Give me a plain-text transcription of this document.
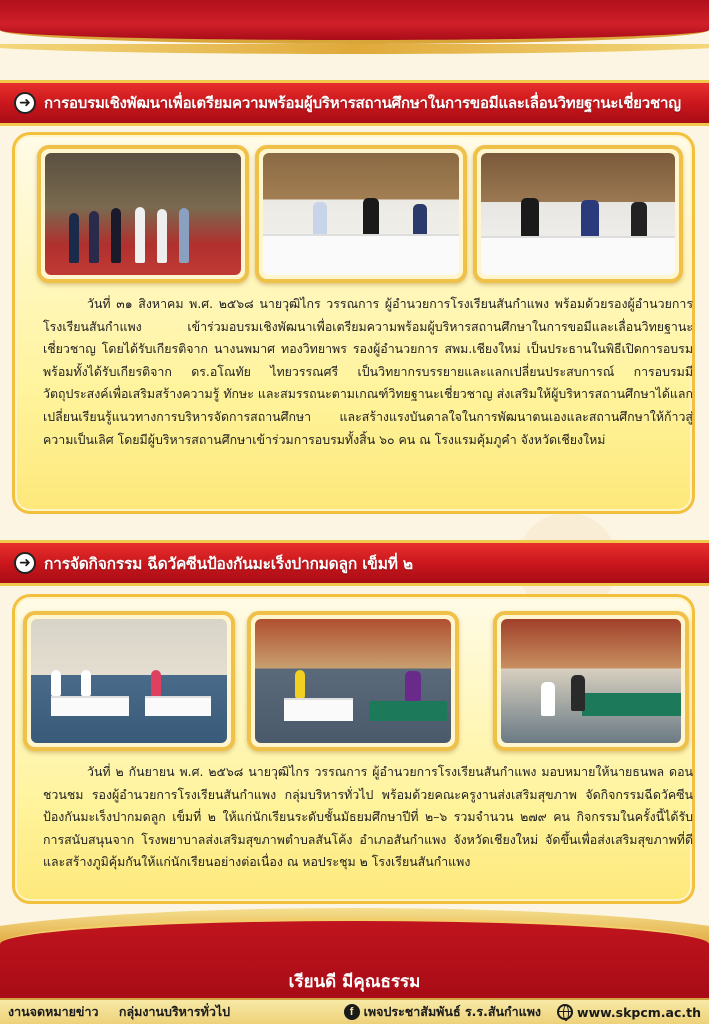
➜ การอบรมเชิงพัฒนาเพื่อเตรียมความพร้อมผู้บริหารสถานศึกษาในการขอมีและเลื่อนวิทยฐานะเชี่ยวชาญ

วันที่ ๓๑ สิงหาคม พ.ศ. ๒๕๖๘ นายวุฒิไกร วรรณการ ผู้อำนวยการโรงเรียนสันกำแพง พร้อมด้วยรองผู้อำนวยการโรงเรียนสันกำแพง เข้าร่วมอบรมเชิงพัฒนาเพื่อเตรียมความพร้อมผู้บริหารสถานศึกษาในการขอมีและเลื่อนวิทยฐานะเชี่ยวชาญ โดยได้รับเกียรติจาก นางนพมาศ ทองวิทยาพร รองผู้อำนวยการ สพม.เชียงใหม่ เป็นประธานในพิธีเปิดการอบรม พร้อมทั้งได้รับเกียรติจาก ดร.อโณทัย ไทยวรรณศรี เป็นวิทยากรบรรยายและแลกเปลี่ยนประสบการณ์ การอบรมมีวัตถุประสงค์เพื่อเสริมสร้างความรู้ ทักษะ และสมรรถนะตามเกณฑ์วิทยฐานะเชี่ยวชาญ ส่งเสริมให้ผู้บริหารสถานศึกษาได้แลกเปลี่ยนเรียนรู้แนวทางการบริหารจัดการสถานศึกษา และสร้างแรงบันดาลใจในการพัฒนาตนเองและสถานศึกษาให้ก้าวสู่ความเป็นเลิศ โดยมีผู้บริหารสถานศึกษาเข้าร่วมการอบรมทั้งสิ้น ๖๐ คน ณ โรงแรมคุ้มภูคำ จังหวัดเชียงใหม่

➜ การจัดกิจกรรม ฉีดวัคซีนป้องกันมะเร็งปากมดลูก เข็มที่ ๒

วันที่ ๒ กันยายน พ.ศ. ๒๕๖๘ นายวุฒิไกร วรรณการ ผู้อำนวยการโรงเรียนสันกำแพง มอบหมายให้นายธนพล ดอนชวนชม รองผู้อำนวยการโรงเรียนสันกำแพง กลุ่มบริหารทั่วไป พร้อมด้วยคณะครูงานส่งเสริมสุขภาพ จัดกิจกรรมฉีดวัคซีนป้องกันมะเร็งปากมดลูก เข็มที่ ๒ ให้แก่นักเรียนระดับชั้นมัธยมศึกษาปีที่ ๒–๖ รวมจำนวน ๒๗๙ คน กิจกรรมในครั้งนี้ได้รับการสนับสนุนจาก โรงพยาบาลส่งเสริมสุขภาพตำบลสันโค้ง อำเภอสันกำแพง จังหวัดเชียงใหม่ จัดขึ้นเพื่อส่งเสริมสุขภาพที่ดีและสร้างภูมิคุ้มกันให้แก่นักเรียนอย่างต่อเนื่อง ณ หอประชุม ๒ โรงเรียนสันกำแพง

เรียนดี มีคุณธรรม
งานจดหมายข่าว
กลุ่มงานบริหารทั่วไป	f เพจประชาสัมพันธ์ ร.ร.สันกำแพง	www.skpcm.ac.th
